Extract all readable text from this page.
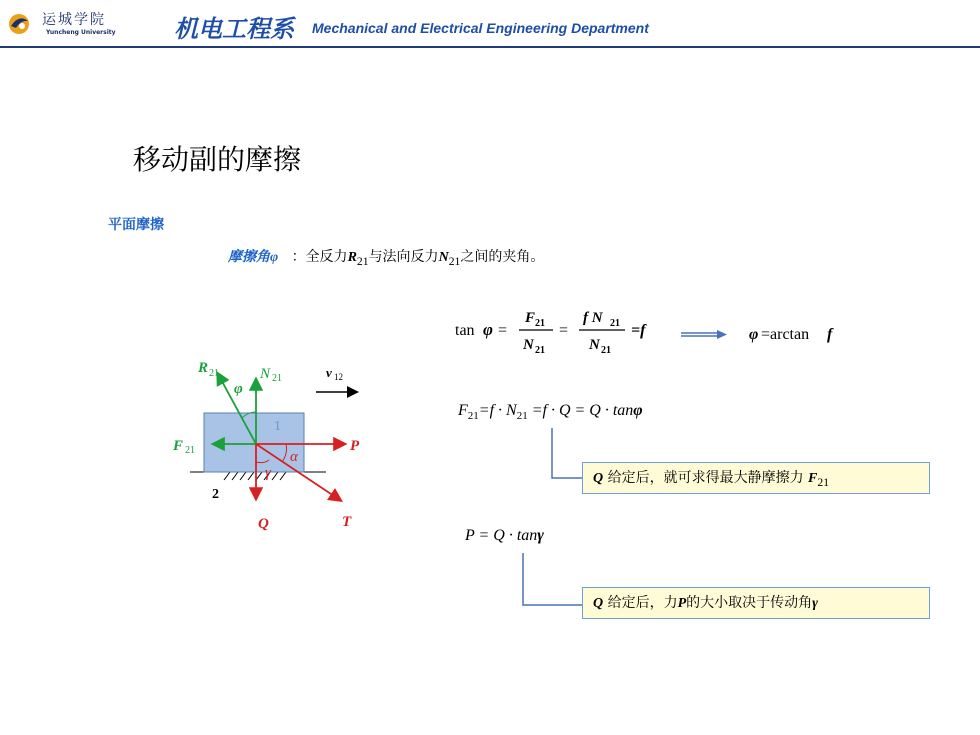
运城学院
Yuncheng University 机电工程系 Mechanical and Electrical Engineering Department
移动副的摩擦
平面摩擦
摩擦角φ ：全反力$R_{21}$与法向反力$N_{21}$之间的夹角。
tan φ =
F 21
N 21
=
f N 21
N 21
=f	φ =arctan f
$F_{21}=f \cdot N_{21} =f \cdot Q = Q \cdot \tan\varphi$
P = Q · tanγ
Q 给定后，就可求得最大静摩擦力 $F_{21}$
Q 给定后，力P的大小取决于传动角γ
1
2
v 12
N 21
R 21
φ
F 21	P
Q	T
α
γ
